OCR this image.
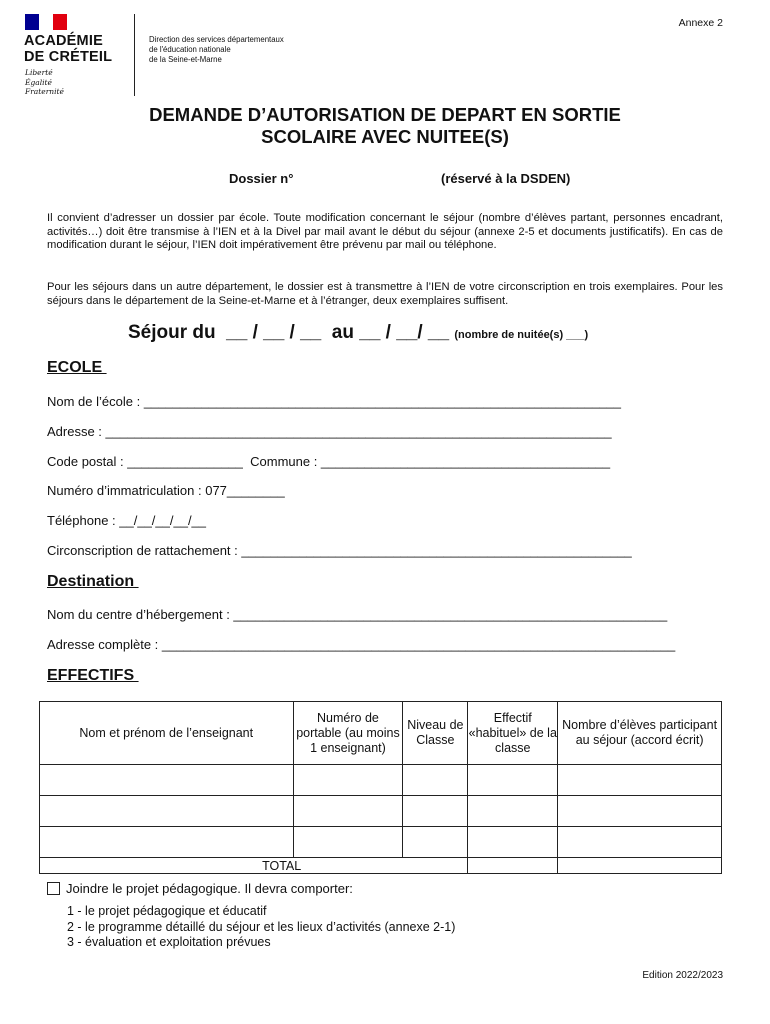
ACADÉMIE
DE CRÉTEIL
Liberté
Égalité
Fraternité
Direction des services départementaux
de l'éducation nationale
de la Seine-et-Marne
Annexe 2
DEMANDE D’AUTORISATION DE DEPART EN SORTIE
SCOLAIRE AVEC NUITEE(S)
Dossier n°	(réservé à la DSDEN)
Il convient d’adresser un dossier par école. Toute modification concernant le séjour (nombre d’élèves partant, personnes encadrant, activités…) doit être transmise à l’IEN et à la Divel par mail avant le début du séjour (annexe 2-5 et documents justificatifs). En cas de modification durant le séjour, l’IEN doit impérativement être prévenu par mail ou téléphone.
Pour les séjours dans un autre département, le dossier est à transmettre à l’IEN de votre circonscription en trois exemplaires. Pour les séjours dans le département de la Seine-et-Marne et à l’étranger, deux exemplaires suffisent.
Séjour du  __ / __ / __  au __ / __/ __ (nombre de nuitée(s) ___)
ECOLE
Nom de l’école : __________________________________________________________________
Adresse : ______________________________________________________________________
Code postal : ________________  Commune : ________________________________________
Numéro d’immatriculation : 077________
Téléphone : __/__/__/__/__
Circonscription de rattachement : ______________________________________________________
Destination
Nom du centre d’hébergement : ____________________________________________________________
Adresse complète : _______________________________________________________________________
EFFECTIFS
Nom et prénom de l’enseignant	Numéro de portable (au moins 1 enseignant)	Niveau de Classe	Effectif «habituel» de la classe	Nombre d’élèves participant au séjour (accord écrit)

TOTAL				
Joindre le projet pédagogique. Il devra comporter:
1 - le projet pédagogique et éducatif
2 - le programme détaillé du séjour et les lieux d’activités (annexe 2-1)
3 - évaluation et exploitation prévues
Edition 2022/2023
